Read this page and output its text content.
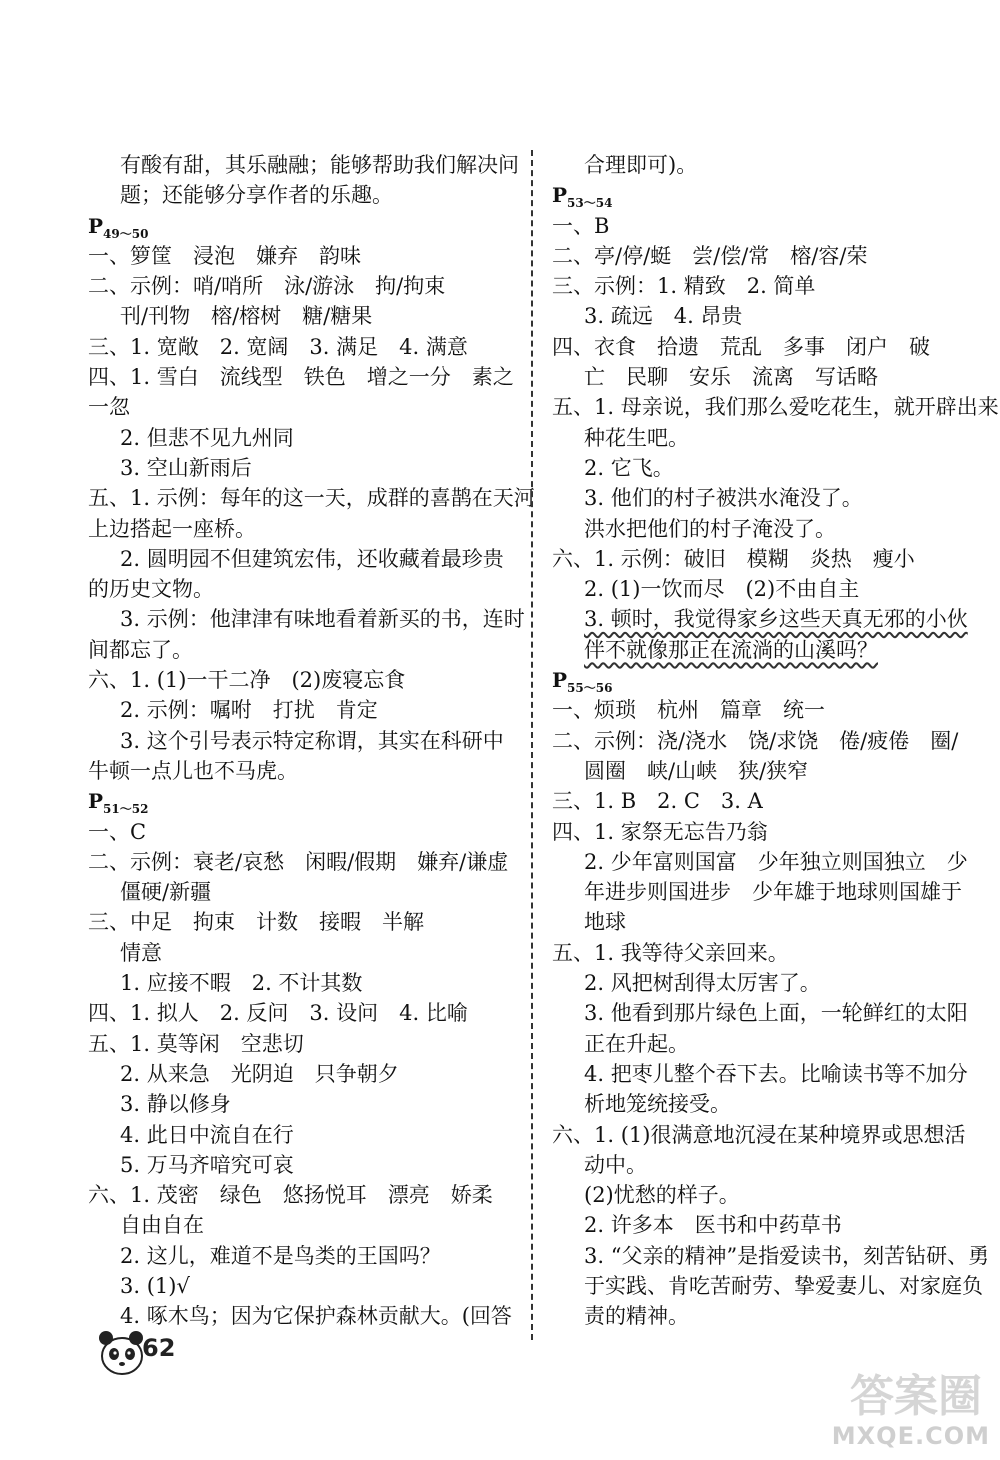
有酸有甜，其乐融融；能够帮助我们解决问
题；还能够分享作者的乐趣。
$P_{49\sim 50}$
一、箩筐　浸泡　嫌弃　韵味
二、示例：哨/哨所　泳/游泳　拘/拘束
刊/刊物　榕/榕树　糖/糖果
三、1. 宽敞　2. 宽阔　3. 满足　4. 满意
四、1. 雪白　流线型　铁色　增之一分　素之
一忽
2. 但悲不见九州同
3. 空山新雨后
五、1. 示例：每年的这一天，成群的喜鹊在天河
上边搭起一座桥。
2. 圆明园不但建筑宏伟，还收藏着最珍贵
的历史文物。
3. 示例：他津津有味地看着新买的书，连时
间都忘了。
六、1. (1)一干二净　(2)废寝忘食
2. 示例：嘱咐　打扰　肯定
3. 这个引号表示特定称谓，其实在科研中
牛顿一点儿也不马虎。
$P_{51\sim 52}$
一、C
二、示例：衰老/哀愁　闲暇/假期　嫌弃/谦虚
僵硬/新疆
三、中足　拘束　计数　接暇　半解
情意
1. 应接不暇　2. 不计其数
四、1. 拟人　2. 反问　3. 设问　4. 比喻
五、1. 莫等闲　空悲切
2. 从来急　光阴迫　只争朝夕
3. 静以修身
4. 此日中流自在行
5. 万马齐喑究可哀
六、1. 茂密　绿色　悠扬悦耳　漂亮　娇柔
自由自在
2. 这儿，难道不是鸟类的王国吗？
3. (1)√
4. 啄木鸟；因为它保护森林贡献大。(回答
合理即可)。
$P_{53\sim 54}$
一、B
二、亭/停/蜓　尝/偿/常　榕/容/荣
三、示例：1. 精致　2. 简单
3. 疏远　4. 昂贵
四、衣食　拾遗　荒乱　多事　闭户　破
亡　民聊　安乐　流离　写话略
五、1. 母亲说，我们那么爱吃花生，就开辟出来
种花生吧。
2. 它飞。
3. 他们的村子被洪水淹没了。
洪水把他们的村子淹没了。
六、1. 示例：破旧　模糊　炎热　瘦小
2. (1)一饮而尽　(2)不由自主
3. 顿时，我觉得家乡这些天真无邪的小伙
伴不就像那正在流淌的山溪吗？
$P_{55\sim 56}$
一、烦琐　杭州　篇章　统一
二、示例：浇/浇水　饶/求饶　倦/疲倦　圈/
圆圈　峡/山峡　狭/狭窄
三、1. B　2. C　3. A
四、1. 家祭无忘告乃翁
2. 少年富则国富　少年独立则国独立　少
年进步则国进步　少年雄于地球则国雄于
地球
五、1. 我等待父亲回来。
2. 风把树刮得太厉害了。
3. 他看到那片绿色上面，一轮鲜红的太阳
正在升起。
4. 把枣儿整个吞下去。比喻读书等不加分
析地笼统接受。
六、1. (1)很满意地沉浸在某种境界或思想活
动中。
(2)忧愁的样子。
2. 许多本　医书和中药草书
3. “父亲的精神”是指爱读书，刻苦钻研、勇
于实践、肯吃苦耐劳、挚爱妻儿、对家庭负
责的精神。
62
答案圈
MXQE.COM
